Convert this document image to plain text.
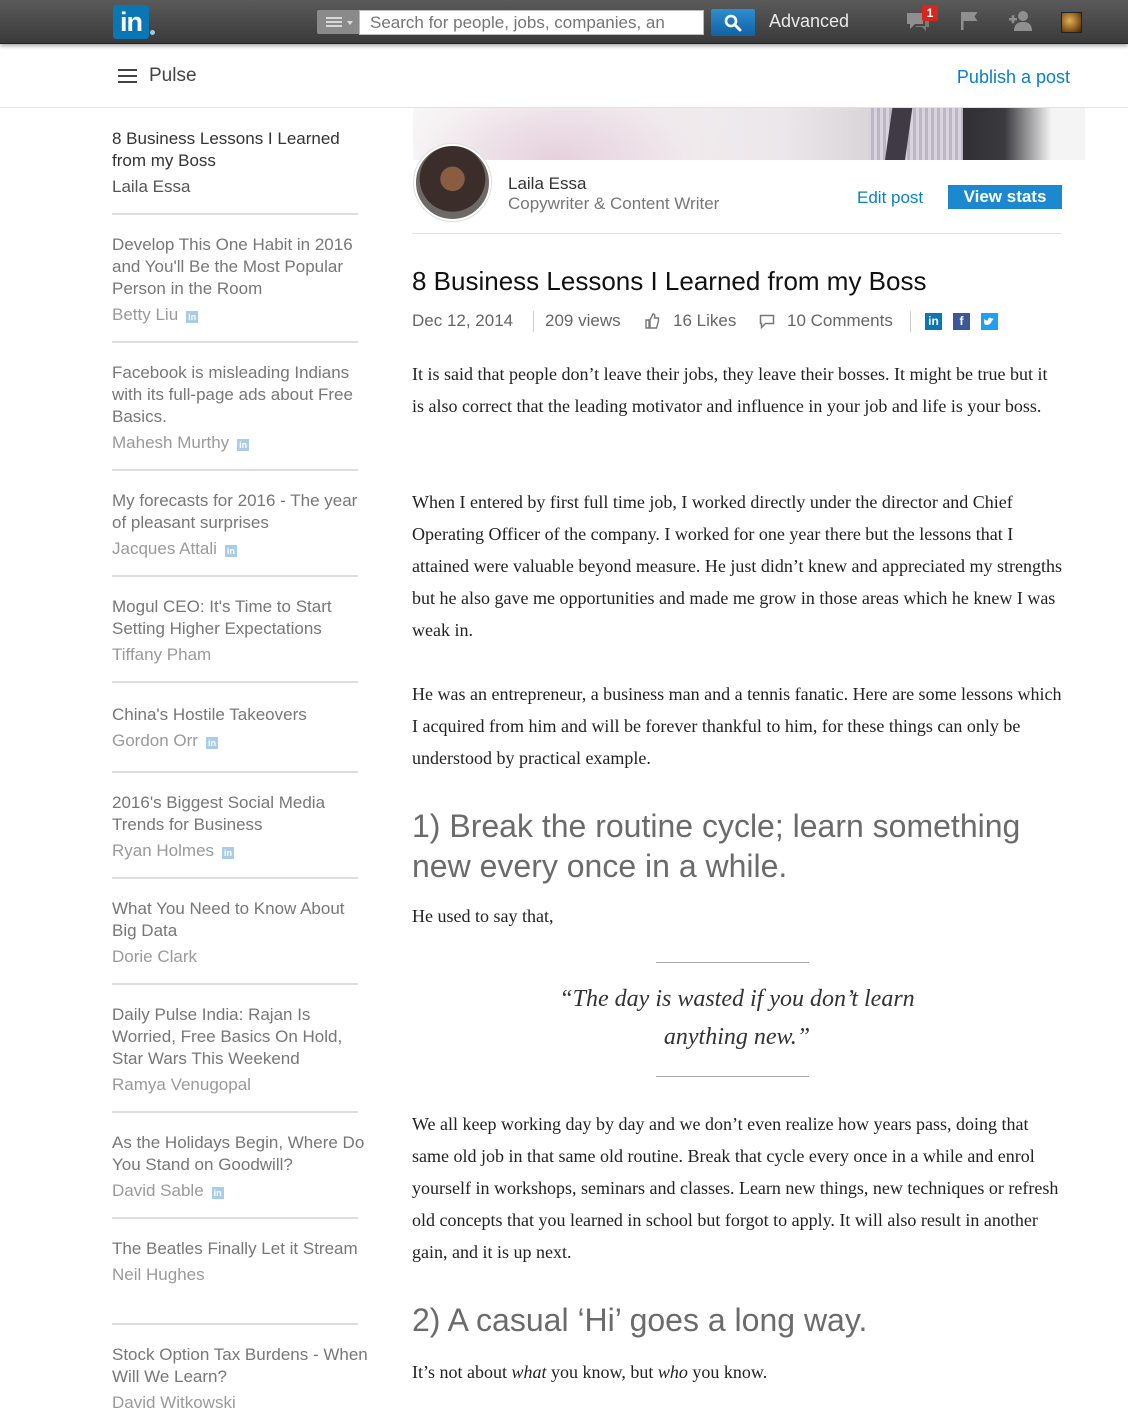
in
Search for people, jobs, companies, an	Advanced	1
Pulse	Publish a post
Laila Essa
Copywriter & Content Writer	Edit post	View stats
8 Business Lessons I Learned from my Boss
Dec 12, 2014 209 views	16 Likes	10 Comments	in	f

It is said that people don’t leave their jobs, they leave their bosses. It might be true but it is also correct that the leading motivator and influence in your job and life is your boss.

When I entered by first full time job, I worked directly under the director and Chief Operating Officer of the company. I worked for one year there but the lessons that I attained were valuable beyond measure. He just didn’t knew and appreciated my strengths but he also gave me opportunities and made me grow in those areas which he knew I was weak in.

He was an entrepreneur, a business man and a tennis fanatic. Here are some lessons which I acquired from him and will be forever thankful to him, for these things can only be understood by practical example.

1) Break the routine cycle; learn something new every once in a while.

He used to say that,

“The day is wasted if you don’t learn anything new.”

We all keep working day by day and we don’t even realize how years pass, doing that same old job in that same old routine. Break that cycle every once in a while and enrol yourself in workshops, seminars and classes. Learn new things, new techniques or refresh old concepts that you learned in school but forgot to apply. It will also result in another gain, and it is up next.

2) A casual ‘Hi’ goes a long way.

It’s not about what you know, but who you know.

8 Business Lessons I Learned from my Boss
Laila Essa
Develop This One Habit in 2016 and You'll Be the Most Popular Person in the Room
Betty Liu in
Facebook is misleading Indians with its full-page ads about Free Basics.
Mahesh Murthy in
My forecasts for 2016 - The year of pleasant surprises
Jacques Attali in
Mogul CEO: It's Time to Start Setting Higher Expectations
Tiffany Pham
China's Hostile Takeovers
Gordon Orr in
2016's Biggest Social Media Trends for Business
Ryan Holmes in
What You Need to Know About Big Data
Dorie Clark
Daily Pulse India: Rajan Is Worried, Free Basics On Hold, Star Wars This Weekend
Ramya Venugopal
As the Holidays Begin, Where Do You Stand on Goodwill?
David Sable in
The Beatles Finally Let it Stream
Neil Hughes
Stock Option Tax Burdens - When Will We Learn?
David Witkowski
